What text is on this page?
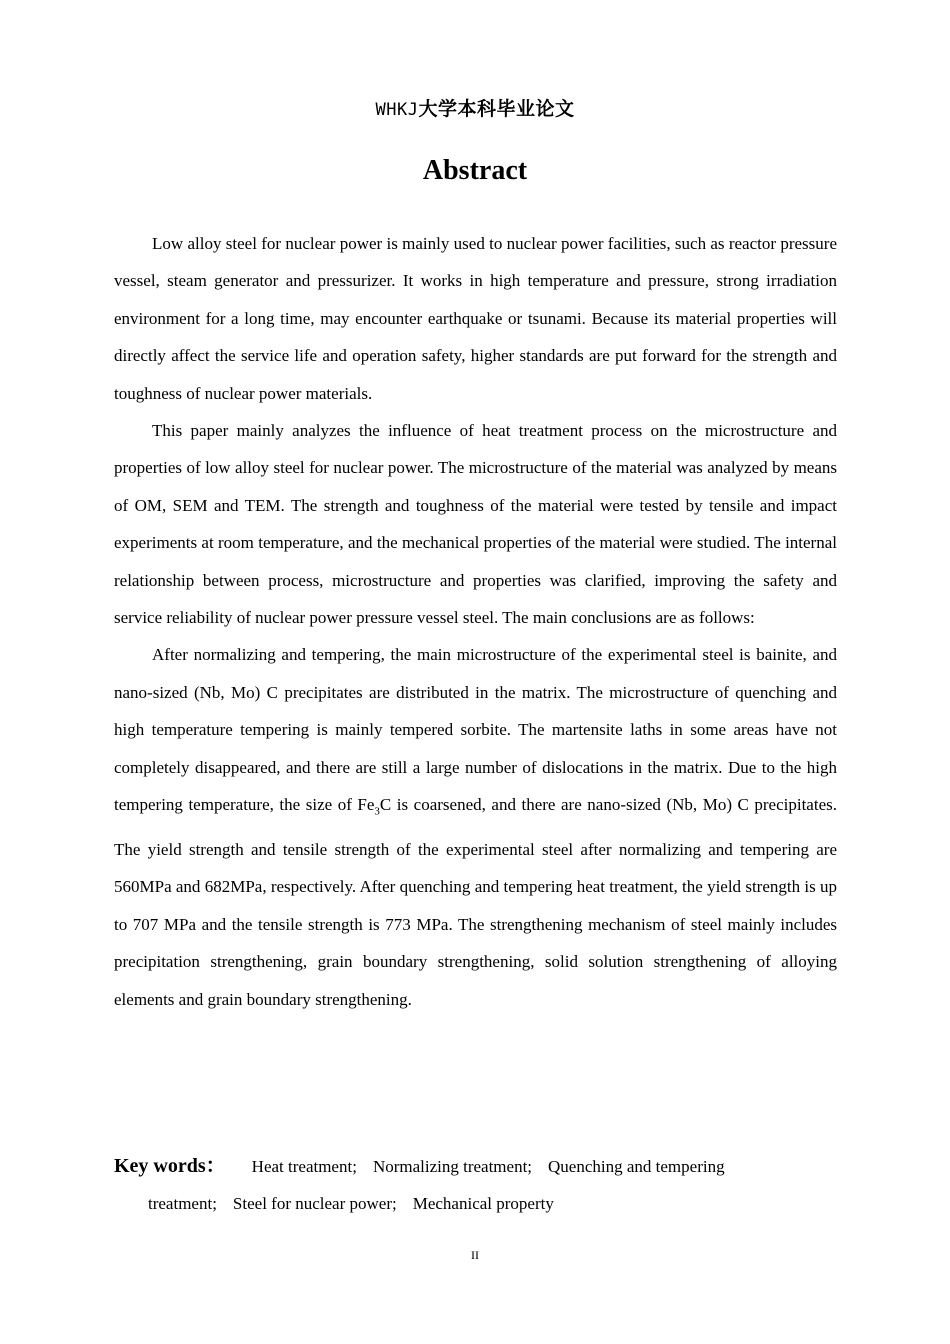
WHKJ大学本科毕业论文
Abstract

Low alloy steel for nuclear power is mainly used to nuclear power facilities, such as reactor pressure vessel, steam generator and pressurizer. It works in high temperature and pressure, strong irradiation environment for a long time, may encounter earthquake or tsunami. Because its material properties will directly affect the service life and operation safety, higher standards are put forward for the strength and toughness of nuclear power materials.

This paper mainly analyzes the influence of heat treatment process on the microstructure and properties of low alloy steel for nuclear power. The microstructure of the material was analyzed by means of OM, SEM and TEM. The strength and toughness of the material were tested by tensile and impact experiments at room temperature, and the mechanical properties of the material were studied. The internal relationship between process, microstructure and properties was clarified, improving the safety and service reliability of nuclear power pressure vessel steel. The main conclusions are as follows:

After normalizing and tempering, the main microstructure of the experimental steel is bainite, and nano-sized (Nb, Mo) C precipitates are distributed in the matrix. The microstructure of quenching and high temperature tempering is mainly tempered sorbite. The martensite laths in some areas have not completely disappeared, and there are still a large number of dislocations in the matrix. Due to the high tempering temperature, the size of $Fe_3C$ is coarsened, and there are nano-sized (Nb, Mo) C precipitates. The yield strength and tensile strength of the experimental steel after normalizing and tempering are 560MPa and 682MPa, respectively. After quenching and tempering heat treatment, the yield strength is up to 707 MPa and the tensile strength is 773 MPa. The strengthening mechanism of steel mainly includes precipitation strengthening, grain boundary strengthening, solid solution strengthening of alloying elements and grain boundary strengthening.

Key words： Heat treatment; Normalizing treatment; Quenching and tempering
treatment; Steel for nuclear power; Mechanical property
II
